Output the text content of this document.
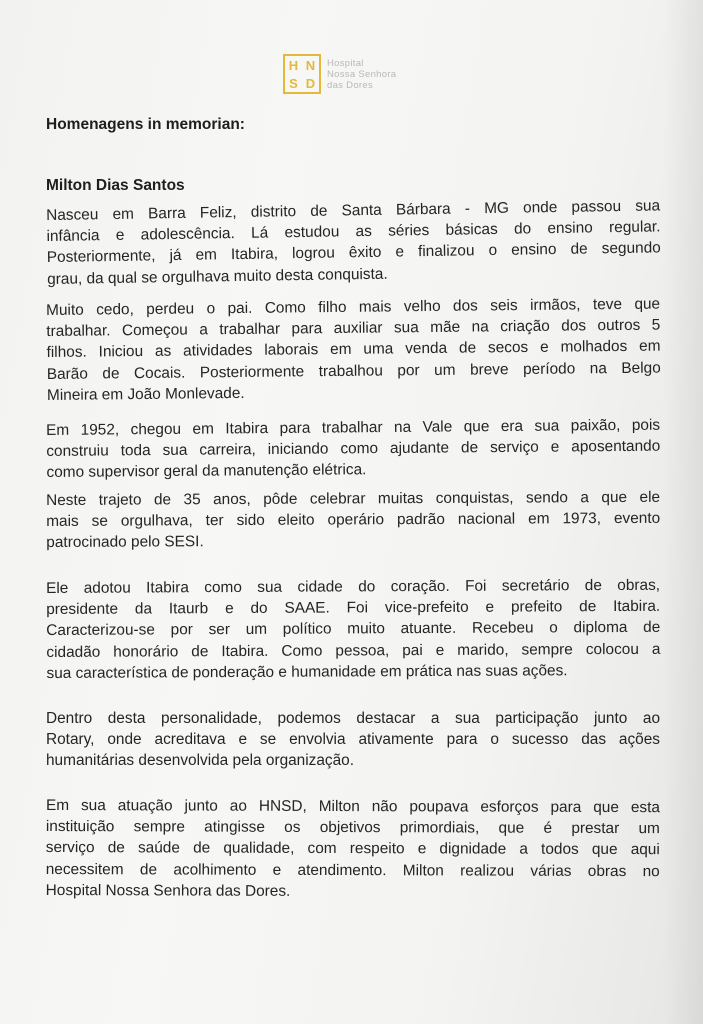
H N
S D
Hospital
Nossa Senhora
das Dores
Homenagens in memorian:
Milton Dias Santos
Nasceu em Barra Feliz, distrito de Santa Bárbara - MG onde passou sua
infância e adolescência. Lá estudou as séries básicas do ensino regular.
Posteriormente, já em Itabira, logrou êxito e finalizou o ensino de segundo
grau, da qual se orgulhava muito desta conquista.
Muito cedo, perdeu o pai. Como filho mais velho dos seis irmãos, teve que
trabalhar. Começou a trabalhar para auxiliar sua mãe na criação dos outros 5
filhos. Iniciou as atividades laborais em uma venda de secos e molhados em
Barão de Cocais. Posteriormente trabalhou por um breve período na Belgo
Mineira em João Monlevade.
Em 1952, chegou em Itabira para trabalhar na Vale que era sua paixão, pois
construiu toda sua carreira, iniciando como ajudante de serviço e aposentando
como supervisor geral da manutenção elétrica.
Neste trajeto de 35 anos, pôde celebrar muitas conquistas, sendo a que ele
mais se orgulhava, ter sido eleito operário padrão nacional em 1973, evento
patrocinado pelo SESI.
Ele adotou Itabira como sua cidade do coração. Foi secretário de obras,
presidente da Itaurb e do SAAE. Foi vice-prefeito e prefeito de Itabira.
Caracterizou-se por ser um político muito atuante. Recebeu o diploma de
cidadão honorário de Itabira. Como pessoa, pai e marido, sempre colocou a
sua característica de ponderação e humanidade em prática nas suas ações.
Dentro desta personalidade, podemos destacar a sua participação junto ao
Rotary, onde acreditava e se envolvia ativamente para o sucesso das ações
humanitárias desenvolvida pela organização.
Em sua atuação junto ao HNSD, Milton não poupava esforços para que esta
instituição sempre atingisse os objetivos primordiais, que é prestar um
serviço de saúde de qualidade, com respeito e dignidade a todos que aqui
necessitem de acolhimento e atendimento. Milton realizou várias obras no
Hospital Nossa Senhora das Dores.
